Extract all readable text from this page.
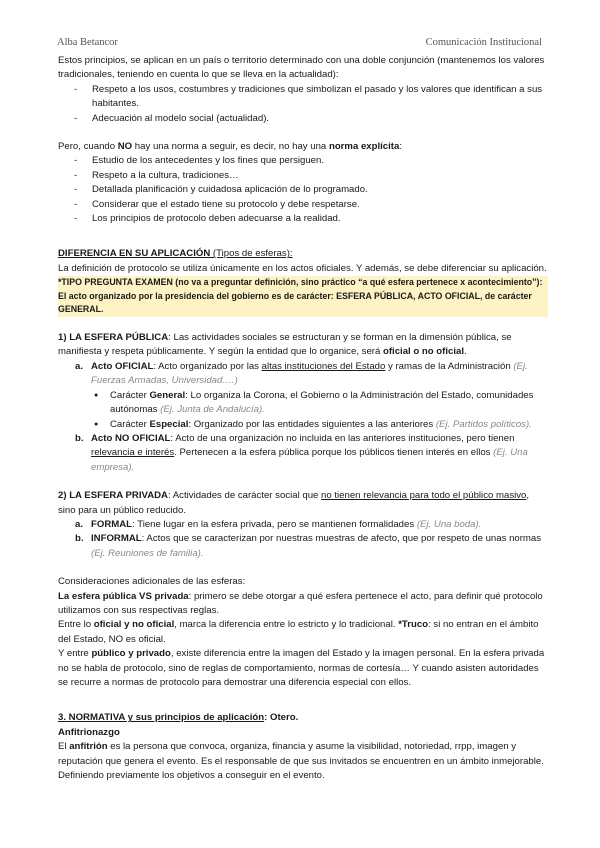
Alba Betancor	Comunicación Institucional

Estos principios, se aplican en un país o territorio determinado con una doble conjunción (mantenemos los valores tradicionales, teniendo en cuenta lo que se lleva en la actualidad):

- Respeto a los usos, costumbres y tradiciones que simbolizan el pasado y los valores que identifican a sus habitantes.
- Adecuación al modelo social (actualidad).

Pero, cuando NO hay una norma a seguir, es decir, no hay una norma explícita:

- Estudio de los antecedentes y los fines que persiguen.
- Respeto a la cultura, tradiciones…
- Detallada planificación y cuidadosa aplicación de lo programado.
- Considerar que el estado tiene su protocolo y debe respetarse.
- Los principios de protocolo deben adecuarse a la realidad.

DIFERENCIA EN SU APLICACIÓN (Tipos de esferas):

La definición de protocolo se utiliza únicamente en los actos oficiales. Y además, se debe diferenciar su aplicación.

*TIPO PREGUNTA EXAMEN (no va a preguntar definición, sino práctico “a qué esfera pertenece x acontecimiento”):
El acto organizado por la presidencia del gobierno es de carácter: ESFERA PÚBLICA, ACTO OFICIAL, de carácter GENERAL.

1) LA ESFERA PÚBLICA: Las actividades sociales se estructuran y se forman en la dimensión pública, se manifiesta y respeta públicamente. Y según la entidad que lo organice, será oficial o no oficial.

a. Acto OFICIAL: Acto organizado por las altas instituciones del Estado y ramas de la Administración (Ej. Fuerzas Armadas, Universidad….)
● Carácter General: Lo organiza la Corona, el Gobierno o la Administración del Estado, comunidades autónomas (Ej. Junta de Andalucía).
● Carácter Especial: Organizado por las entidades siguientes a las anteriores (Ej. Partidos políticos).
b. Acto NO OFICIAL: Acto de una organización no incluida en las anteriores instituciones, pero tienen relevancia e interés. Pertenecen a la esfera pública porque los públicos tienen interés en ellos (Ej. Una empresa).

2) LA ESFERA PRIVADA: Actividades de carácter social que no tienen relevancia para todo el público masivo, sino para un público reducido.

a. FORMAL: Tiene lugar en la esfera privada, pero se mantienen formalidades (Ej. Una boda).
b. INFORMAL: Actos que se caracterizan por nuestras muestras de afecto, que por respeto de unas normas (Ej. Reuniones de familia).

Consideraciones adicionales de las esferas:

La esfera pública VS privada: primero se debe otorgar a qué esfera pertenece el acto, para definir qué protocolo utilizamos con sus respectivas reglas.

Entre lo oficial y no oficial, marca la diferencia entre lo estricto y lo tradicional. *Truco: si no entran en el ámbito del Estado, NO es oficial.

Y entre público y privado, existe diferencia entre la imagen del Estado y la imagen personal. En la esfera privada no se habla de protocolo, sino de reglas de comportamiento, normas de cortesía… Y cuando asisten autoridades se recurre a normas de protocolo para demostrar una diferencia especial con ellos.

3. NORMATIVA y sus principios de aplicación: Otero.

Anfitrionazgo

El anfitrión es la persona que convoca, organiza, financia y asume la visibilidad, notoriedad, rrpp, imagen y reputación que genera el evento. Es el responsable de que sus invitados se encuentren en un ámbito inmejorable. Definiendo previamente los objetivos a conseguir en el evento.
